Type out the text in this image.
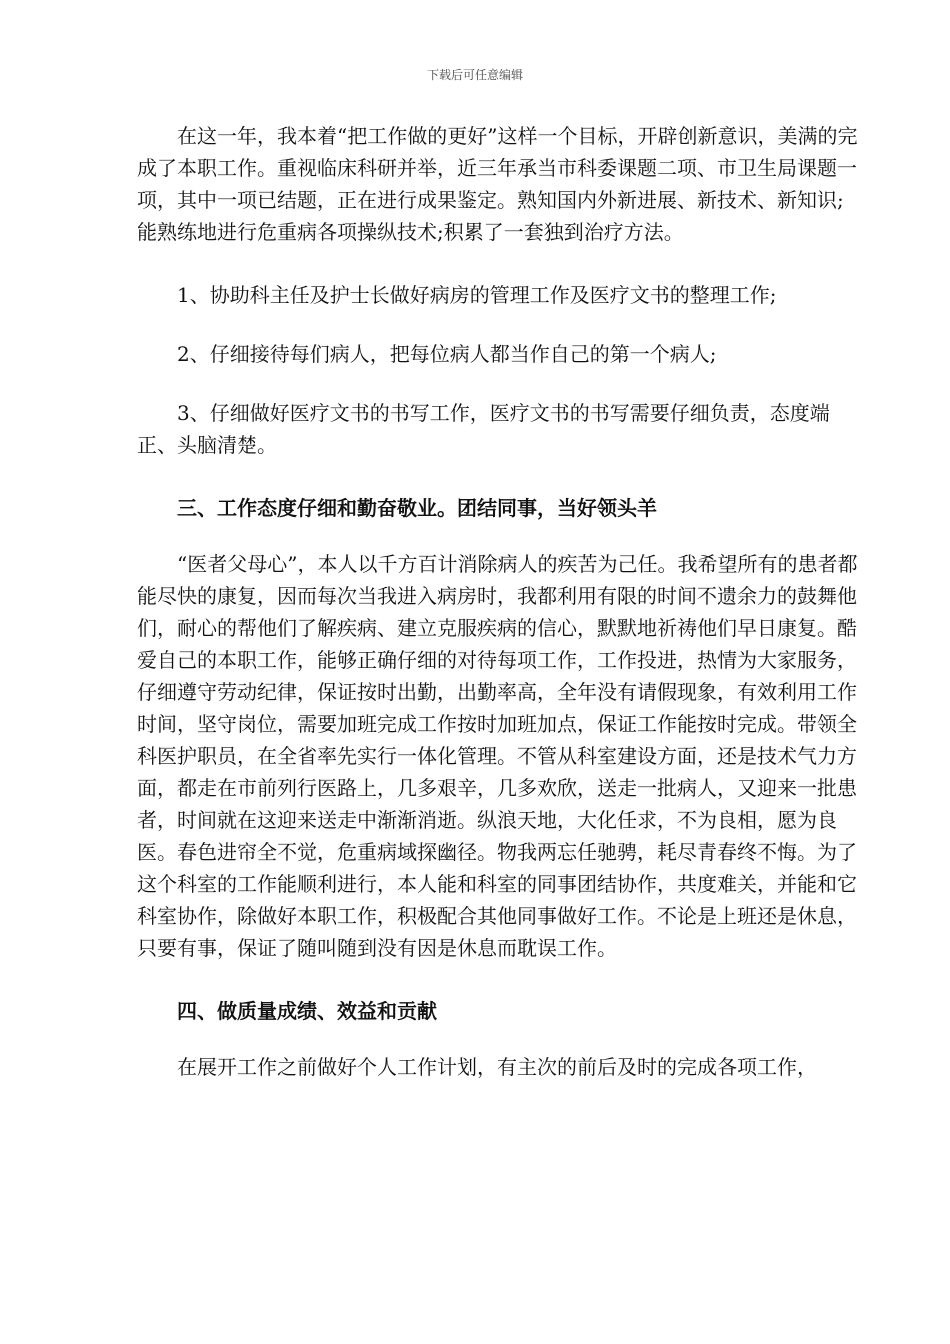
下载后可任意编辑

在这一年，我本着“把工作做的更好”这样一个目标，开辟创新意识，美满的完成了本职工作。重视临床科研并举，近三年承当市科委课题二项、市卫生局课题一项，其中一项已结题，正在进行成果鉴定。熟知国内外新进展、新技术、新知识;能熟练地进行危重病各项操纵技术;积累了一套独到治疗方法。

1、协助科主任及护士长做好病房的管理工作及医疗文书的整理工作;

2、仔细接待每们病人，把每位病人都当作自己的第一个病人;

3、仔细做好医疗文书的书写工作，医疗文书的书写需要仔细负责，态度端正、头脑清楚。

三、工作态度仔细和勤奋敬业。团结同事，当好领头羊

“医者父母心”，本人以千方百计消除病人的疾苦为己任。我希望所有的患者都能尽快的康复，因而每次当我进入病房时，我都利用有限的时间不遗余力的鼓舞他们，耐心的帮他们了解疾病、建立克服疾病的信心，默默地祈祷他们早日康复。酷爱自己的本职工作，能够正确仔细的对待每项工作，工作投进，热情为大家服务，仔细遵守劳动纪律，保证按时出勤，出勤率高，全年没有请假现象，有效利用工作时间，坚守岗位，需要加班完成工作按时加班加点，保证工作能按时完成。带领全科医护职员，在全省率先实行一体化管理。不管从科室建设方面，还是技术气力方面，都走在市前列行医路上，几多艰辛，几多欢欣，送走一批病人，又迎来一批患者，时间就在这迎来送走中渐渐消逝。纵浪天地，大化任求，不为良相，愿为良医。春色进帘全不觉，危重病域探幽径。物我两忘任驰骋，耗尽青春终不悔。为了这个科室的工作能顺利进行，本人能和科室的同事团结协作，共度难关，并能和它科室协作，除做好本职工作，积极配合其他同事做好工作。不论是上班还是休息，只要有事，保证了随叫随到没有因是休息而耽误工作。

四、做质量成绩、效益和贡献

在展开工作之前做好个人工作计划，有主次的前后及时的完成各项工作，
